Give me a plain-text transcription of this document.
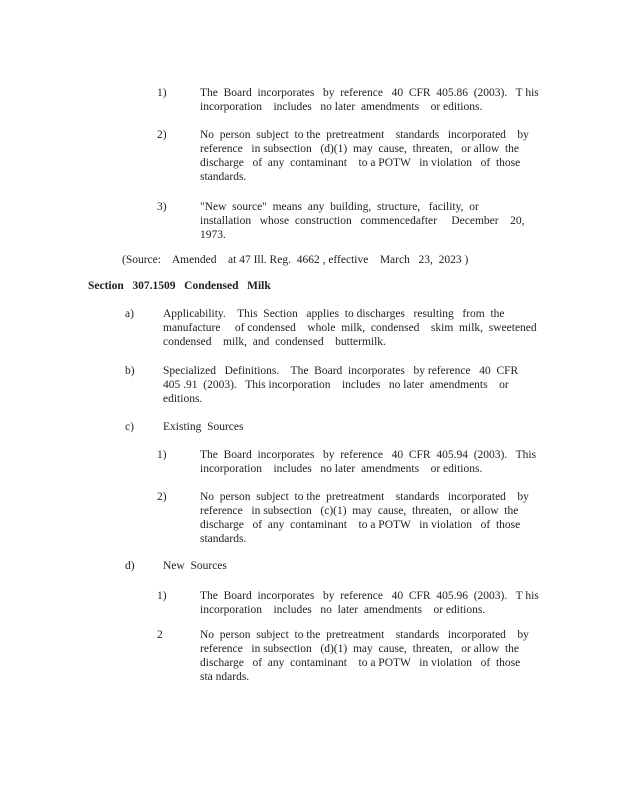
1)	The  Board  incorporates   by  reference   40  CFR  405.86  (2003).   T his
incorporation    includes   no later  amendments    or editions.
2)	No  person  subject  to the  pretreatment    standards   incorporated    by
reference   in subsection   (d)(1)  may  cause,  threaten,   or allow  the
discharge   of  any  contaminant    to a POTW   in violation   of  those
standards.
3)	"New  source"  means  any  building,  structure,   facility,  or
installation   whose  construction   commencedafter     December    20,
1973.
(Source:    Amended    at 47 Ill. Reg.  4662 , effective    March   23,  2023 )
Section   307.1509   Condensed   Milk
a)	Applicability.    This  Section   applies  to discharges   resulting   from  the
manufacture     of condensed    whole  milk,  condensed    skim  milk,  sweetened
condensed    milk,  and  condensed    buttermilk.
b) Specialized   Definitions.    The  Board  incorporates   by reference   40  CFR
405 .91  (2003).   This incorporation    includes   no later  amendments    or
editions.
c)	Existing  Sources
1)	The  Board  incorporates   by  reference   40  CFR  405.94  (2003).   This
incorporation    includes   no later  amendments    or editions.
2)	No  person  subject  to the  pretreatment    standards   incorporated    by
reference   in subsection   (c)(1)  may  cause,  threaten,   or allow  the
discharge   of  any  contaminant    to a POTW   in violation   of  those
standards.
d) New  Sources
1)	The  Board  incorporates   by  reference   40  CFR  405.96  (2003).   T his
incorporation    includes   no  later  amendments    or editions.
2	No  person  subject  to the  pretreatment    standards   incorporated    by
reference   in subsection   (d)(1)  may  cause,  threaten,   or allow  the
discharge   of  any  contaminant    to a POTW   in violation   of  those
sta ndards.
